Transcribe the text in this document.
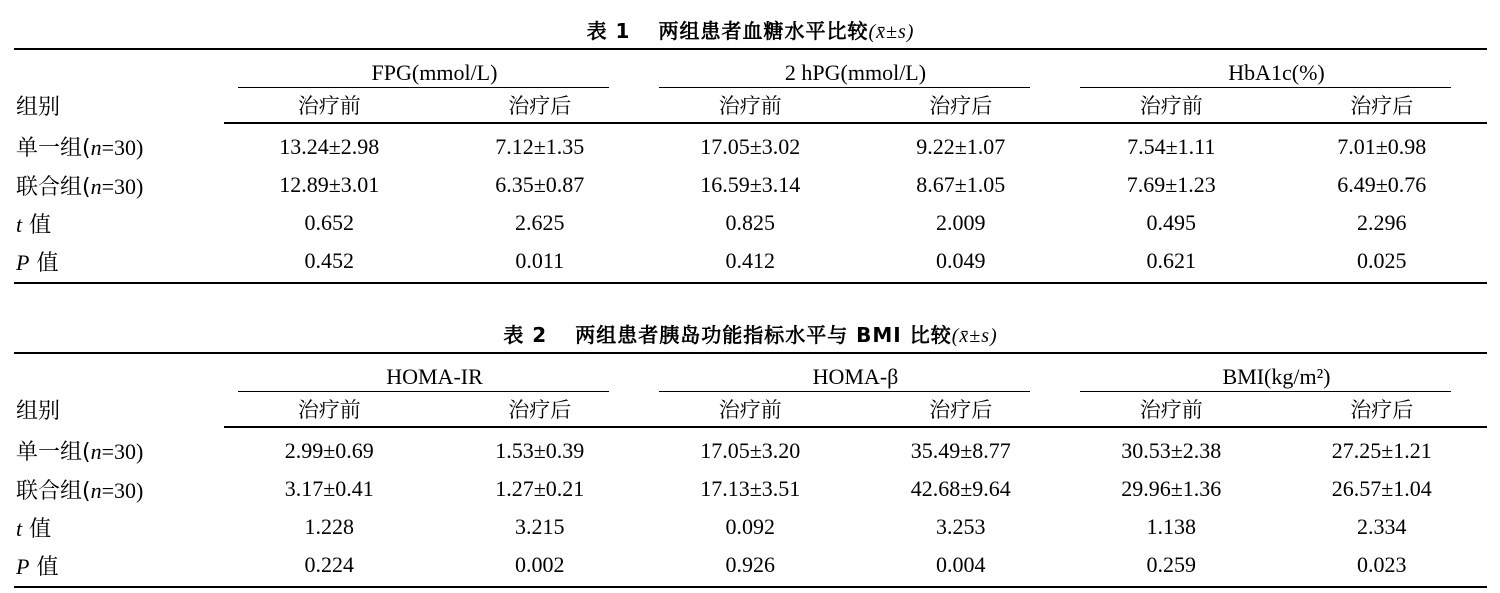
表 1 两组患者血糖水平比较(x̄±s)
组别	FPG(mmol/L)		2 hPG(mmol/L)		HbA1c(%)	
	治疗前	治疗后	治疗前	治疗后	治疗前	治疗后
单一组(n=30)	13.24±2.98	7.12±1.35	17.05±3.02	9.22±1.07	7.54±1.11	7.01±0.98
联合组(n=30)	12.89±3.01	6.35±0.87	16.59±3.14	8.67±1.05	7.69±1.23	6.49±0.76
t 值	0.652	2.625	0.825	2.009	0.495	2.296
P 值	0.452	0.011	0.412	0.049	0.621	0.025
表 2 两组患者胰岛功能指标水平与 BMI 比较(x̄±s)
组别	HOMA-IR		HOMA-β		BMI(kg/m²)	
	治疗前	治疗后	治疗前	治疗后	治疗前	治疗后
单一组(n=30)	2.99±0.69	1.53±0.39	17.05±3.20	35.49±8.77	30.53±2.38	27.25±1.21
联合组(n=30)	3.17±0.41	1.27±0.21	17.13±3.51	42.68±9.64	29.96±1.36	26.57±1.04
t 值	1.228	3.215	0.092	3.253	1.138	2.334
P 值	0.224	0.002	0.926	0.004	0.259	0.023
